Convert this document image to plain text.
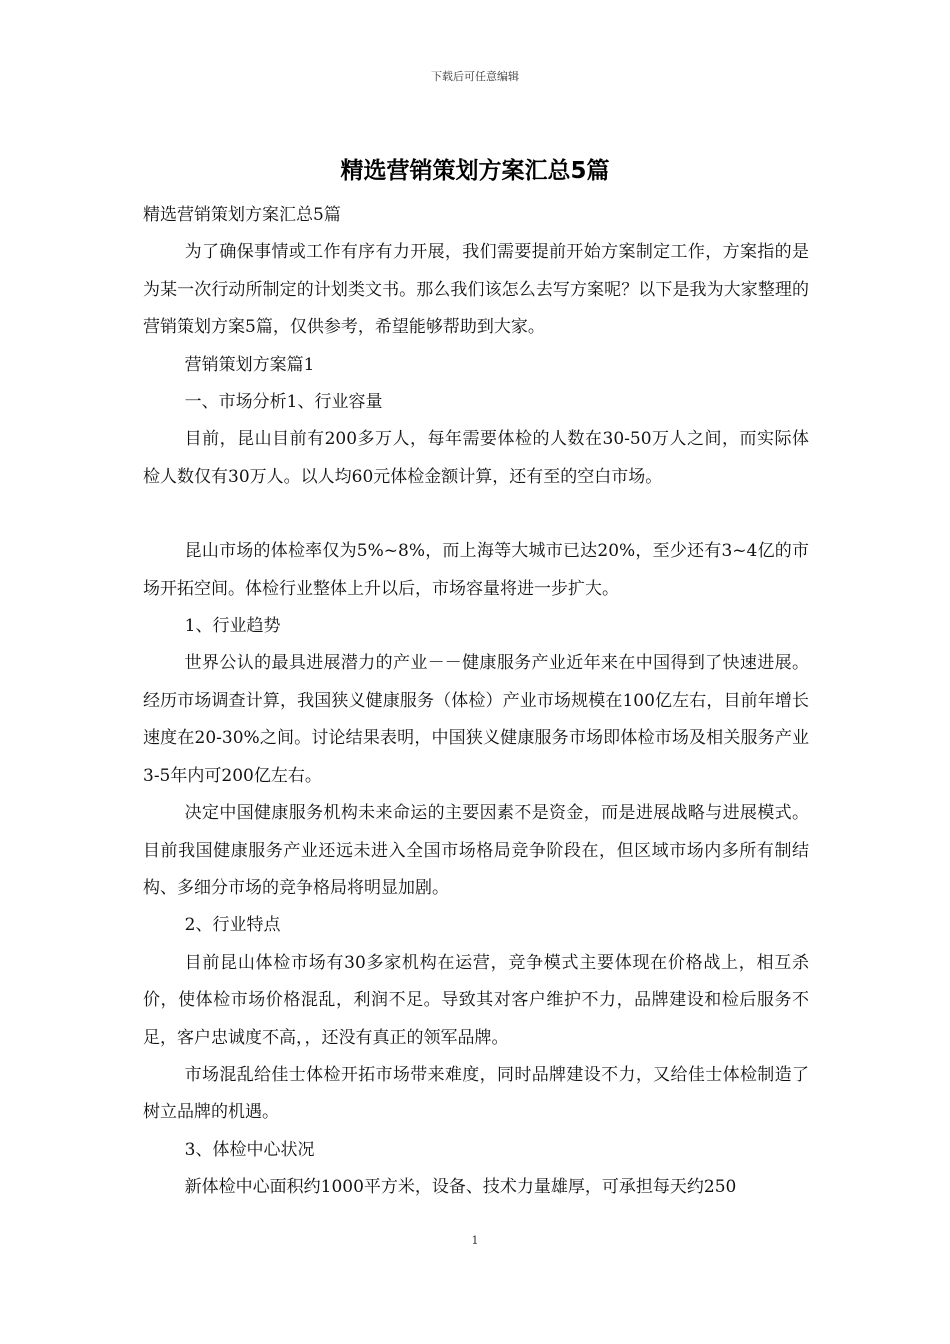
下载后可任意编辑
精选营销策划方案汇总5篇

精选营销策划方案汇总5篇

为了确保事情或工作有序有力开展，我们需要提前开始方案制定工作，方案指的是为某一次行动所制定的计划类文书。那么我们该怎么去写方案呢？以下是我为大家整理的营销策划方案5篇，仅供参考，希望能够帮助到大家。

营销策划方案篇1

一、市场分析1、行业容量

目前，昆山目前有200多万人，每年需要体检的人数在30-50万人之间，而实际体检人数仅有30万人。以人均60元体检金额计算，还有至的空白市场。

昆山市场的体检率仅为5%~8%，而上海等大城市已达20%，至少还有3~4亿的市场开拓空间。体检行业整体上升以后，市场容量将进一步扩大。

1、行业趋势

世界公认的最具进展潜力的产业－－健康服务产业近年来在中国得到了快速进展。经历市场调查计算，我国狭义健康服务（体检）产业市场规模在100亿左右，目前年增长速度在20-30%之间。讨论结果表明，中国狭义健康服务市场即体检市场及相关服务产业3-5年内可200亿左右。

决定中国健康服务机构未来命运的主要因素不是资金，而是进展战略与进展模式。目前我国健康服务产业还远未进入全国市场格局竞争阶段在，但区域市场内多所有制结构、多细分市场的竞争格局将明显加剧。

2、行业特点

目前昆山体检市场有30多家机构在运营，竞争模式主要体现在价格战上，相互杀价，使体检市场价格混乱，利润不足。导致其对客户维护不力，品牌建设和检后服务不足，客户忠诚度不高，，还没有真正的领军品牌。

市场混乱给佳士体检开拓市场带来难度，同时品牌建设不力，又给佳士体检制造了树立品牌的机遇。

3、体检中心状况

新体检中心面积约1000平方米，设备、技术力量雄厚，可承担每天约250

1
